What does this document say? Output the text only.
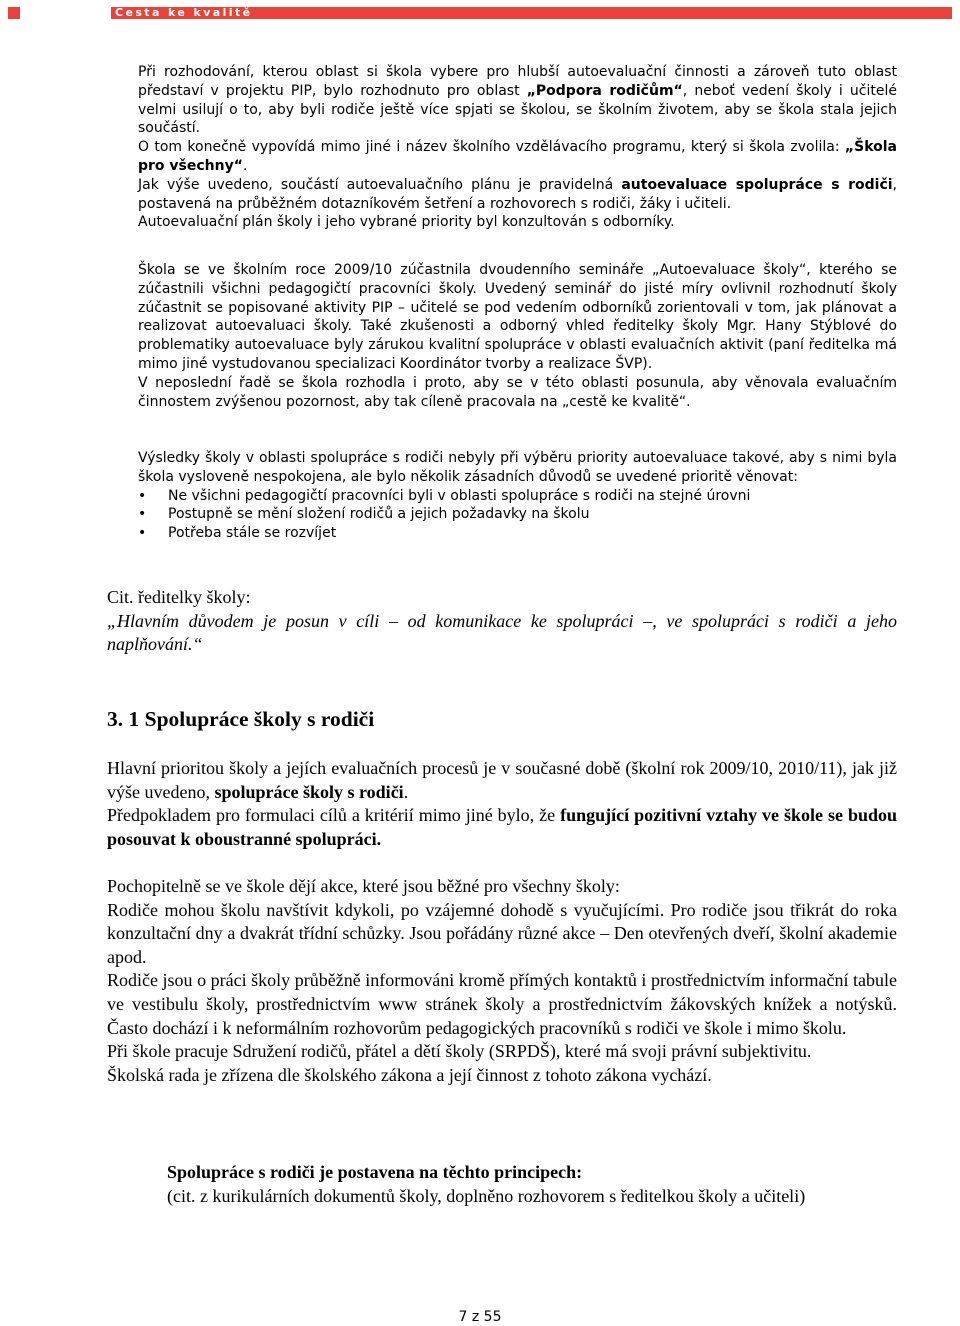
Cesta ke kvalitě

Při rozhodování, kterou oblast si škola vybere pro hlubší autoevaluační činnosti a zároveň tuto oblast představí v projektu PIP, bylo rozhodnuto pro oblast „Podpora rodičům“, neboť vedení školy i učitelé velmi usilují o to, aby byli rodiče ještě více spjati se školou, se školním životem, aby se škola stala jejich součástí.

O tom konečně vypovídá mimo jiné i název školního vzdělávacího programu, který si škola zvolila: „Škola pro všechny“.

Jak výše uvedeno, součástí autoevaluačního plánu je pravidelná autoevaluace spolupráce s rodiči, postavená na průběžném dotazníkovém šetření a rozhovorech s rodiči, žáky i učiteli.

Autoevaluační plán školy i jeho vybrané priority byl konzultován s odborníky.

Škola se ve školním roce 2009/10 zúčastnila dvoudenního semináře „Autoevaluace školy“, kterého se zúčastnili všichni pedagogičtí pracovníci školy. Uvedený seminář do jisté míry ovlivnil rozhodnutí školy zúčastnit se popisované aktivity PIP – učitelé se pod vedením odborníků zorientovali v tom, jak plánovat a realizovat autoevaluaci školy. Také zkušenosti a odborný vhled ředitelky školy Mgr. Hany Stýblové do problematiky autoevaluace byly zárukou kvalitní spolupráce v oblasti evaluačních aktivit (paní ředitelka má mimo jiné vystudovanou specializaci Koordinátor tvorby a realizace ŠVP).

V neposlední řadě se škola rozhodla i proto, aby se v této oblasti posunula, aby věnovala evaluačním činnostem zvýšenou pozornost, aby tak cíleně pracovala na „cestě ke kvalitě“.

Výsledky školy v oblasti spolupráce s rodiči nebyly při výběru priority autoevaluace takové, aby s nimi byla škola vysloveně nespokojena, ale bylo několik zásadních důvodů se uvedené prioritě věnovat:

• Ne všichni pedagogičtí pracovníci byli v oblasti spolupráce s rodiči na stejné úrovni
• Postupně se mění složení rodičů a jejich požadavky na školu
• Potřeba stále se rozvíjet

Cit. ředitelky školy:

„Hlavním důvodem je posun v cíli – od komunikace ke spolupráci –, ve spolupráci s rodiči a jeho naplňování.“

3. 1 Spolupráce školy s rodiči

Hlavní prioritou školy a jejích evaluačních procesů je v současné době (školní rok 2009/10, 2010/11), jak již výše uvedeno, spolupráce školy s rodiči.

Předpokladem pro formulaci cílů a kritérií mimo jiné bylo, že fungující pozitivní vztahy ve škole se budou posouvat k oboustranné spolupráci.

Pochopitelně se ve škole dějí akce, které jsou běžné pro všechny školy:

Rodiče mohou školu navštívit kdykoli, po vzájemné dohodě s vyučujícími. Pro rodiče jsou třikrát do roka konzultační dny a dvakrát třídní schůzky. Jsou pořádány různé akce – Den otevřených dveří, školní akademie apod.

Rodiče jsou o práci školy průběžně informováni kromě přímých kontaktů i prostřednictvím informační tabule ve vestibulu školy, prostřednictvím www stránek školy a prostřednictvím žákovských knížek a notýsků. Často dochází i k neformálním rozhovorům pedagogických pracovníků s rodiči ve škole i mimo školu.

Při škole pracuje Sdružení rodičů, přátel a dětí školy (SRPDŠ), které má svoji právní subjektivitu.

Školská rada je zřízena dle školského zákona a její činnost z tohoto zákona vychází.

Spolupráce s rodiči je postavena na těchto principech:

(cit. z kurikulárních dokumentů školy, doplněno rozhovorem s ředitelkou školy a učiteli)

7 z 55
